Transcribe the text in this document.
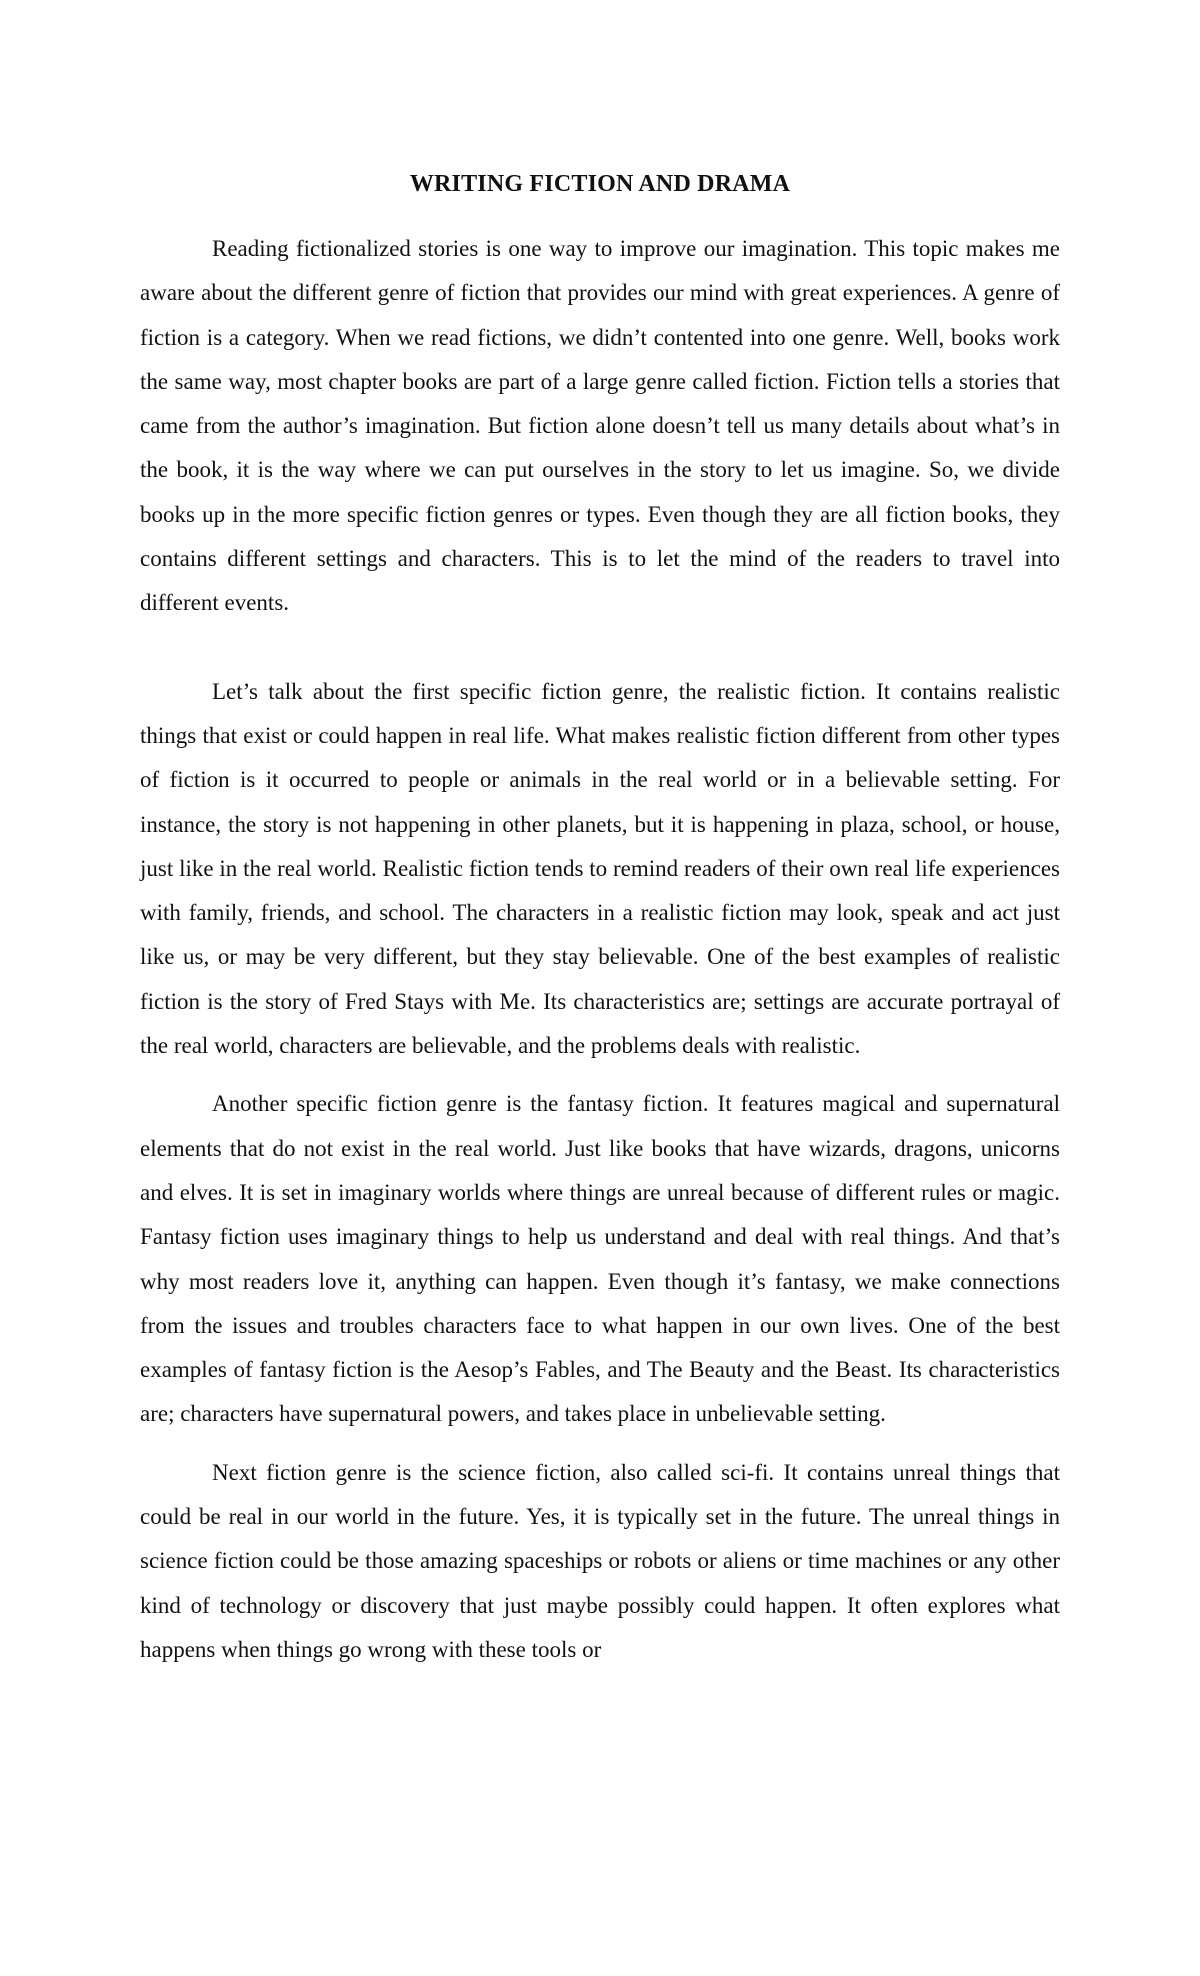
WRITING FICTION AND DRAMA

Reading fictionalized stories is one way to improve our imagination. This topic makes me aware about the different genre of fiction that provides our mind with great experiences. A genre of fiction is a category. When we read fictions, we didn’t contented into one genre. Well, books work the same way, most chapter books are part of a large genre called fiction. Fiction tells a stories that came from the author’s imagination. But fiction alone doesn’t tell us many details about what’s in the book, it is the way where we can put ourselves in the story to let us imagine. So, we divide books up in the more specific fiction genres or types. Even though they are all fiction books, they contains different settings and characters. This is to let the mind of the readers to travel into different events.

Let’s talk about the first specific fiction genre, the realistic fiction. It contains realistic things that exist or could happen in real life. What makes realistic fiction different from other types of fiction is it occurred to people or animals in the real world or in a believable setting. For instance, the story is not happening in other planets, but it is happening in plaza, school, or house, just like in the real world. Realistic fiction tends to remind readers of their own real life experiences with family, friends, and school. The characters in a realistic fiction may look, speak and act just like us, or may be very different, but they stay believable. One of the best examples of realistic fiction is the story of Fred Stays with Me. Its characteristics are; settings are accurate portrayal of the real world, characters are believable, and the problems deals with realistic.

Another specific fiction genre is the fantasy fiction. It features magical and supernatural elements that do not exist in the real world. Just like books that have wizards, dragons, unicorns and elves. It is set in imaginary worlds where things are unreal because of different rules or magic. Fantasy fiction uses imaginary things to help us understand and deal with real things. And that’s why most readers love it, anything can happen. Even though it’s fantasy, we make connections from the issues and troubles characters face to what happen in our own lives. One of the best examples of fantasy fiction is the Aesop’s Fables, and The Beauty and the Beast. Its characteristics are; characters have supernatural powers, and takes place in unbelievable setting.

Next fiction genre is the science fiction, also called sci-fi. It contains unreal things that could be real in our world in the future. Yes, it is typically set in the future. The unreal things in science fiction could be those amazing spaceships or robots or aliens or time machines or any other kind of technology or discovery that just maybe possibly could happen. It often explores what happens when things go wrong with these tools or
